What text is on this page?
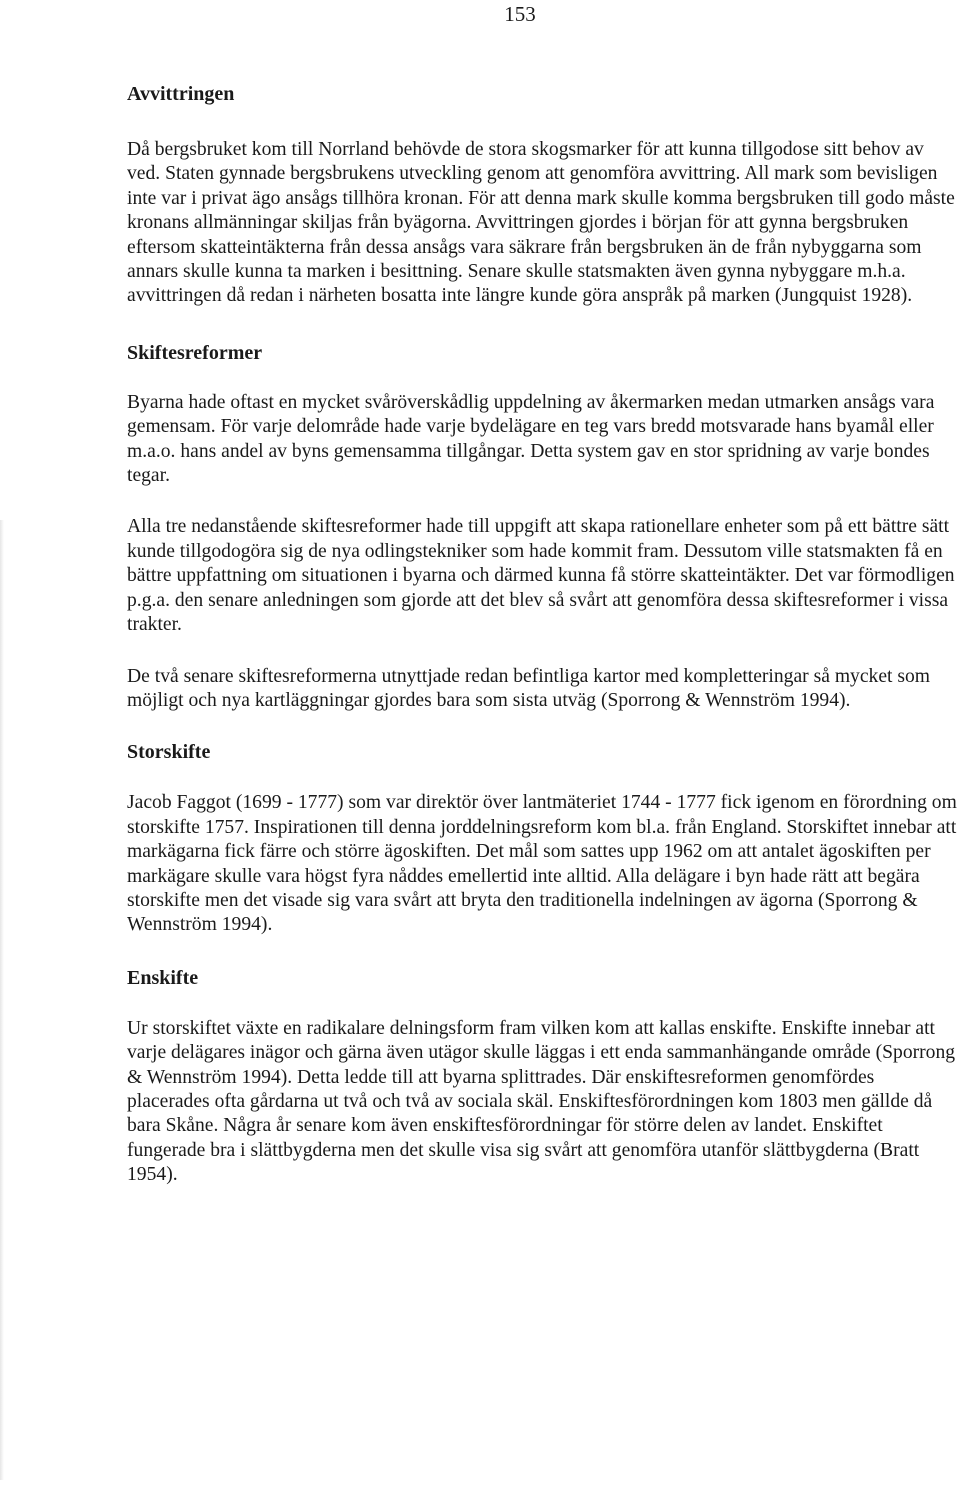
153
Avvittringen

Då bergsbruket kom till Norrland behövde de stora skogsmarker för att kunna tillgodose sitt behov av ved. Staten gynnade bergsbrukens utveckling genom att genomföra avvittring. All mark som bevisligen inte var i privat ägo ansågs tillhöra kronan. För att denna mark skulle komma bergsbruken till godo måste kronans allmänningar skiljas från byägorna. Avvittringen gjordes i början för att gynna bergsbruken eftersom skatteintäkterna från dessa ansågs vara säkrare från bergsbruken än de från nybyggarna som annars skulle kunna ta marken i besittning. Senare skulle statsmakten även gynna nybyggare m.h.a. avvittringen då redan i närheten bosatta inte längre kunde göra anspråk på marken (Jungquist 1928).

Skiftesreformer

Byarna hade oftast en mycket svåröverskådlig uppdelning av åkermarken medan utmarken ansågs vara gemensam. För varje delområde hade varje bydelägare en teg vars bredd motsvarade hans byamål eller m.a.o. hans andel av byns gemensamma tillgångar. Detta system gav en stor spridning av varje bondes tegar.

Alla tre nedanstående skiftesreformer hade till uppgift att skapa rationellare enheter som på ett bättre sätt kunde tillgodogöra sig de nya odlingstekniker som hade kommit fram. Dessutom ville statsmakten få en bättre uppfattning om situationen i byarna och därmed kunna få större skatteintäkter. Det var förmodligen p.g.a. den senare anledningen som gjorde att det blev så svårt att genomföra dessa skiftesreformer i vissa trakter.

De två senare skiftesreformerna utnyttjade redan befintliga kartor med kompletteringar så mycket som möjligt och nya kartläggningar gjordes bara som sista utväg (Sporrong & Wennström 1994).

Storskifte

Jacob Faggot (1699 - 1777) som var direktör över lantmäteriet 1744 - 1777 fick igenom en förordning om storskifte 1757. Inspirationen till denna jorddelningsreform kom bl.a. från England. Storskiftet innebar att markägarna fick färre och större ägoskiften. Det mål som sattes upp 1962 om att antalet ägoskiften per markägare skulle vara högst fyra nåddes emellertid inte alltid. Alla delägare i byn hade rätt att begära storskifte men det visade sig vara svårt att bryta den traditionella indelningen av ägorna (Sporrong & Wennström 1994).

Enskifte

Ur storskiftet växte en radikalare delningsform fram vilken kom att kallas enskifte. Enskifte innebar att varje delägares inägor och gärna även utägor skulle läggas i ett enda sammanhängande område (Sporrong & Wennström 1994). Detta ledde till att byarna splittrades. Där enskiftesreformen genomfördes placerades ofta gårdarna ut två och två av sociala skäl. Enskiftesförordningen kom 1803 men gällde då bara Skåne. Några år senare kom även enskiftesförordningar för större delen av landet. Enskiftet fungerade bra i slättbygderna men det skulle visa sig svårt att genomföra utanför slättbygderna (Bratt 1954).
